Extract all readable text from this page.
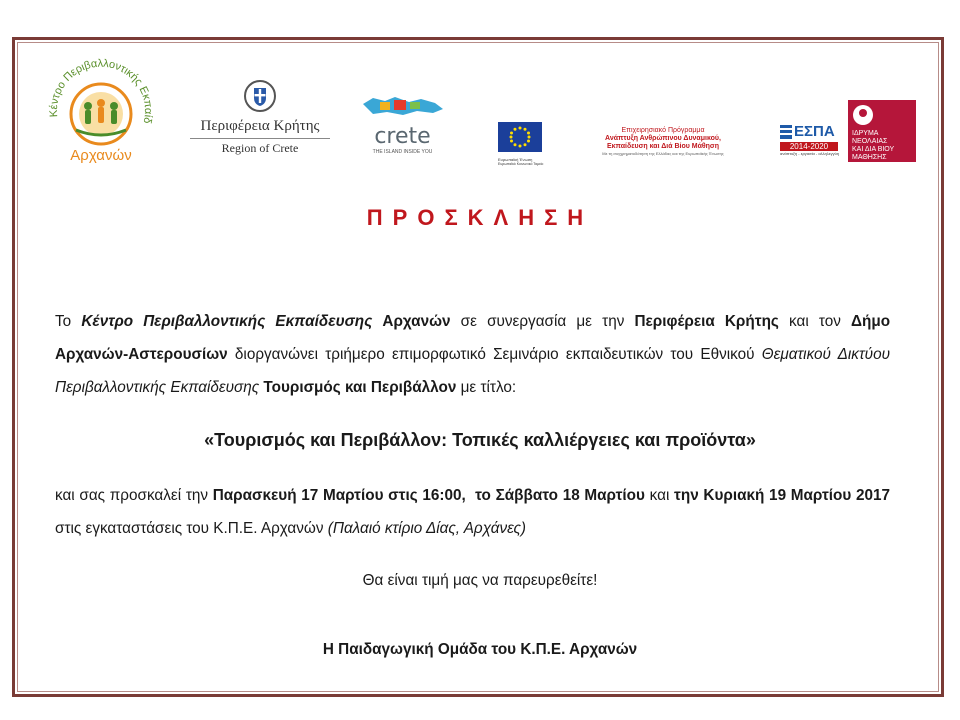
Κέντρο Περιβαλλοντικής Εκπαίδ
Αρχανών
Περιφέρεια Κρήτης
Region of Crete	crete
THE ISLAND INSIDE YOU
Ευρωπαϊκή Ένωση
Ευρωπαϊκό Κοινωνικό Ταμείο
Επιχειρησιακό Πρόγραμμα
Ανάπτυξη Ανθρώπινου Δυναμικού,
Εκπαίδευση και Διά Βίου Μάθηση
Με τη συγχρηματοδότηση της Ελλάδας και της Ευρωπαϊκής Ένωσης
ΕΣΠΑ
2014-2020
ανάπτυξη - εργασία - αλληλεγγύη
ΙΔΡΥΜΑ
ΝΕΟΛΑΙΑΣ
ΚΑΙ ΔΙΑ ΒΙΟΥ
ΜΑΘΗΣΗΣ
ΠΡΟΣΚΛΗΣΗ
Το Κέντρο Περιβαλλοντικής Εκπαίδευσης Αρχανών σε συνεργασία με την Περιφέρεια Κρήτης και τον Δήμο Αρχανών-Αστερουσίων διοργανώνει τριήμερο επιμορφωτικό Σεμινάριο εκπαιδευτικών του Εθνικού Θεματικού Δικτύου Περιβαλλοντικής Εκπαίδευσης Τουρισμός και Περιβάλλον με τίτλο:
«Τουρισμός και Περιβάλλον: Τοπικές καλλιέργειες και προϊόντα»
και σας προσκαλεί την Παρασκευή 17 Μαρτίου στις 16:00, το Σάββατο 18 Μαρτίου και την Κυριακή 19 Μαρτίου 2017 στις εγκαταστάσεις του Κ.Π.Ε. Αρχανών (Παλαιό κτίριο Δίας, Αρχάνες)
Θα είναι τιμή μας να παρευρεθείτε!
Η Παιδαγωγική Ομάδα του Κ.Π.Ε. Αρχανών
